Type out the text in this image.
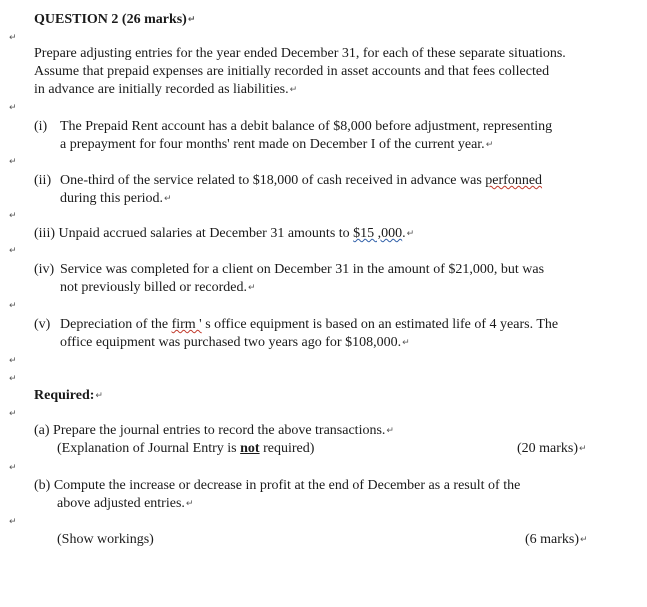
QUESTION 2 (26 marks)↵
↵
Prepare adjusting entries for the year ended December 31, for each of these separate situations.
Assume that prepaid expenses are initially recorded in asset accounts and that fees collected
in advance are initially recorded as liabilities.↵
↵
(i) The Prepaid Rent account has a debit balance of $8,000 before adjustment, representing
a prepayment for four months' rent made on December I of the current year.↵
↵
(ii) One-third of the service related to $18,000 of cash received in advance was perfonned
during this period.↵
↵
(iii) Unpaid accrued salaries at December 31 amounts to $15 ,000.↵
↵
(iv) Service was completed for a client on December 31 in the amount of $21,000, but was
not previously billed or recorded.↵
↵
(v) Depreciation of the firm ' s office equipment is based on an estimated life of 4 years. The
office equipment was purchased two years ago for $108,000.↵
↵
↵
Required:↵
↵
(a) Prepare the journal entries to record the above transactions.↵
(Explanation of Journal Entry is not required)	(20 marks)↵
↵
(b) Compute the increase or decrease in profit at the end of December as a result of the
above adjusted entries.↵
↵
(Show workings)	(6 marks)↵
